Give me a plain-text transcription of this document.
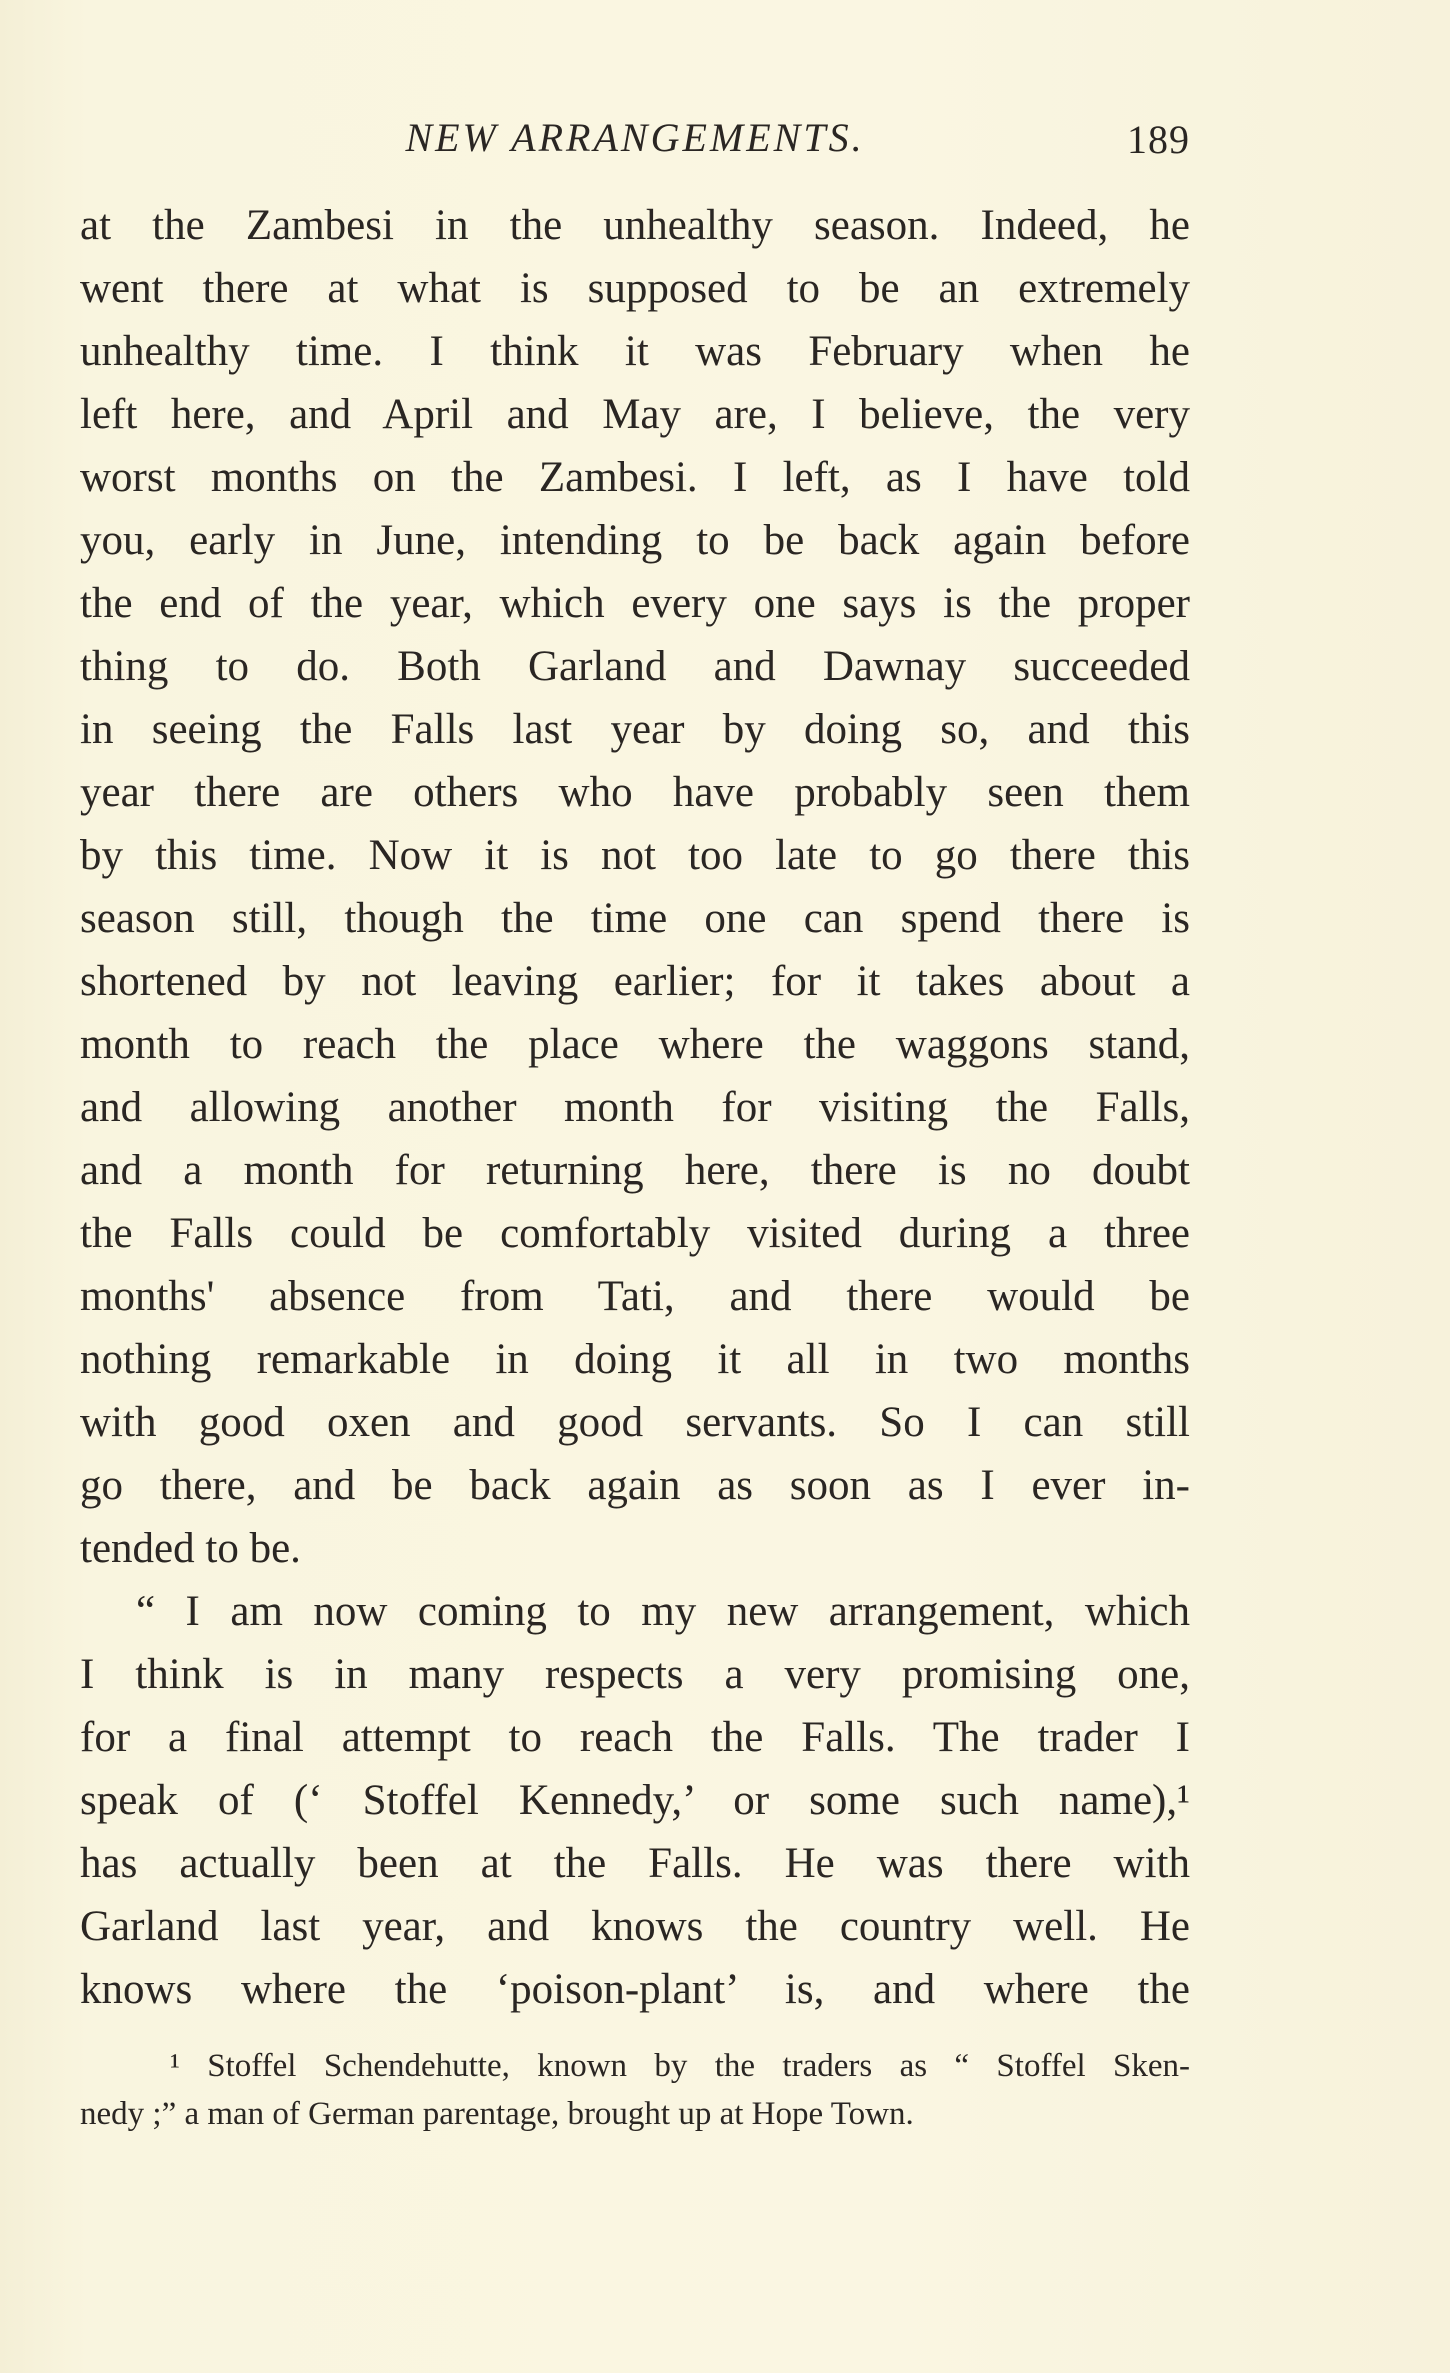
NEW ARRANGEMENTS.	189
at the Zambesi in the unhealthy season. Indeed, he
went there at what is supposed to be an extremely
unhealthy time. I think it was February when he
left here, and April and May are, I believe, the very
worst months on the Zambesi. I left, as I have told
you, early in June, intending to be back again before
the end of the year, which every one says is the proper
thing to do. Both Garland and Dawnay succeeded
in seeing the Falls last year by doing so, and this
year there are others who have probably seen them
by this time. Now it is not too late to go there this
season still, though the time one can spend there is
shortened by not leaving earlier; for it takes about a
month to reach the place where the waggons stand,
and allowing another month for visiting the Falls,
and a month for returning here, there is no doubt
the Falls could be comfortably visited during a three
months' absence from Tati, and there would be
nothing remarkable in doing it all in two months
with good oxen and good servants. So I can still
go there, and be back again as soon as I ever in-
tended to be.
“ I am now coming to my new arrangement, which
I think is in many respects a very promising one,
for a final attempt to reach the Falls. The trader I
speak of (‘ Stoffel Kennedy,’ or some such name),¹
has actually been at the Falls. He was there with
Garland last year, and knows the country well. He
knows where the ‘poison-plant’ is, and where the
¹ Stoffel Schendehutte, known by the traders as “ Stoffel Sken-
nedy ;” a man of German parentage, brought up at Hope Town.
